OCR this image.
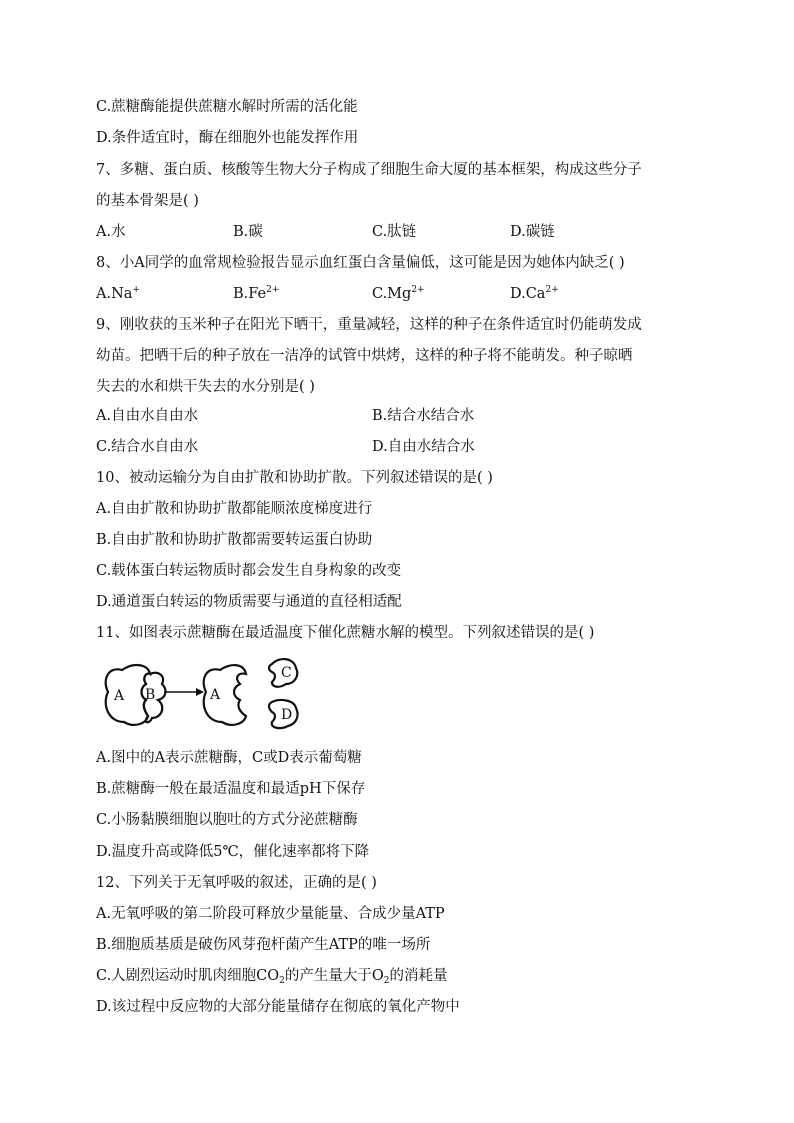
C.蔗糖酶能提供蔗糖水解时所需的活化能
D.条件适宜时，酶在细胞外也能发挥作用
7、多糖、蛋白质、核酸等生物大分子构成了细胞生命大厦的基本框架，构成这些分子
的基本骨架是( )
A.水	B.碳	C.肽链	D.碳链
8、小A同学的血常规检验报告显示血红蛋白含量偏低，这可能是因为她体内缺乏( )
A.Na+	$B.Fe^{2+}$	$C.Mg^{2+}$	$D.Ca^{2+}$
9、刚收获的玉米种子在阳光下晒干，重量减轻，这样的种子在条件适宜时仍能萌发成
幼苗。把晒干后的种子放在一洁净的试管中烘烤，这样的种子将不能萌发。种子晾晒
失去的水和烘干失去的水分别是( )
A.自由水自由水	B.结合水结合水
C.结合水自由水	D.自由水结合水
10、被动运输分为自由扩散和协助扩散。下列叙述错误的是( )
A.自由扩散和协助扩散都能顺浓度梯度进行
B.自由扩散和协助扩散都需要转运蛋白协助
C.载体蛋白转运物质时都会发生自身构象的改变
D.通道蛋白转运的物质需要与通道的直径相适配
11、如图表示蔗糖酶在最适温度下催化蔗糖水解的模型。下列叙述错误的是( )
A B	A
C
D
A.图中的A表示蔗糖酶，C或D表示葡萄糖
B.蔗糖酶一般在最适温度和最适pH下保存
C.小肠黏膜细胞以胞吐的方式分泌蔗糖酶
D.温度升高或降低5℃，催化速率都将下降
12、下列关于无氧呼吸的叙述，正确的是( )
A.无氧呼吸的第二阶段可释放少量能量、合成少量ATP
B.细胞质基质是破伤风芽孢杆菌产生ATP的唯一场所
C.人剧烈运动时肌肉细胞$CO_2$的产生量大于$O_2$的消耗量
D.该过程中反应物的大部分能量储存在彻底的氧化产物中
